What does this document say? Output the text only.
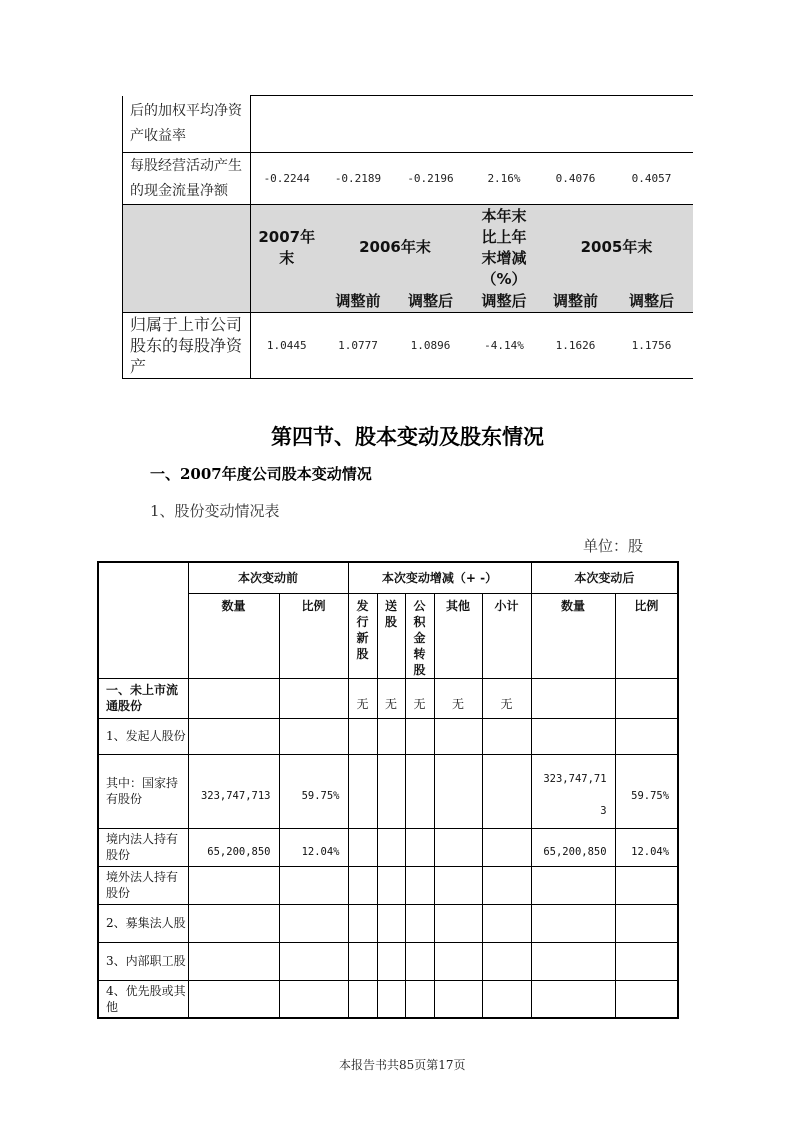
后的加权平均净资产收益率						

每股经营活动产生的现金流量净额	-0.2244	-0.2189	-0.2196	2.16%	0.4076	0.4057
	2007年末	2006年末		本年末比上年末增减（%）	2005年末	
		调整前	调整后	调整后	调整前	调整后

归属于上市公司股东的每股净资产	1.0445	1.0777	1.0896	-4.14%	1.1626	1.1756
第四节、股本变动及股东情况
一、2007年度公司股本变动情况
1、股份变动情况表
单位：股
	本次变动前		本次变动增减（+ -）					本次变动后	
	数量	比例	发行新股	送股	公积金转股	其他	小计	数量	比例

一、未上市流通股份			无	无	无	无	无		

1、发起人股份									

其中：国家持有股份	323,747,713	59.75%						323,747,713	59.75%

境内法人持有股份	65,200,850	12.04%						65,200,850	12.04%

境外法人持有股份									

2、募集法人股									

3、内部职工股									

4、优先股或其他									

本报告书共85页第17页
